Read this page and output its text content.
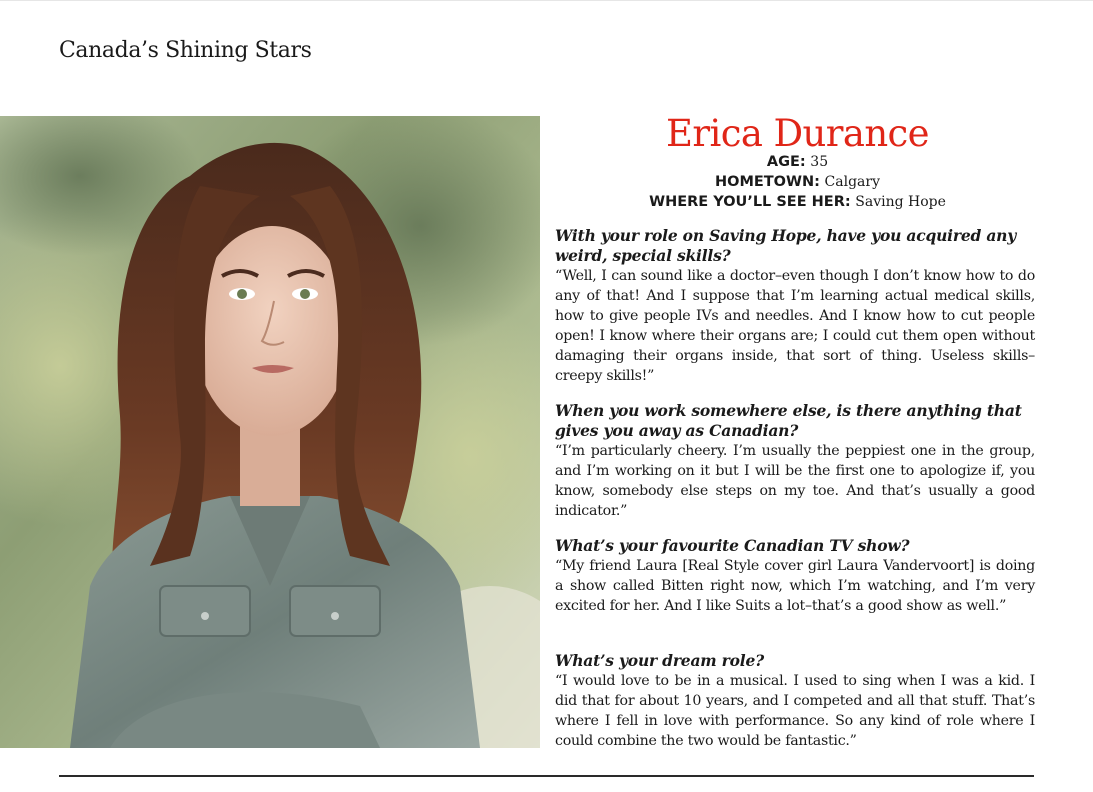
Canada’s Shining Stars
Erica Durance
AGE: 35
HOMETOWN: Calgary
WHERE YOU’LL SEE HER: Saving Hope
With your role on Saving Hope, have you acquired any weird, special skills?
“Well, I can sound like a doctor–even though I don’t know how to do any of that! And I suppose that I’m learning actual medical skills, how to give people IVs and needles. And I know how to cut people open! I know where their organs are; I could cut them open without damaging their organs inside, that sort of thing. Useless skills–creepy skills!”
When you work somewhere else, is there anything that gives you away as Canadian?
“I’m particularly cheery. I’m usually the peppiest one in the group, and I’m working on it but I will be the first one to apologize if, you know, somebody else steps on my toe. And that’s usually a good indicator.”
What’s your favourite Canadian TV show?
“My friend Laura [Real Style cover girl Laura Vandervoort] is doing a show called Bitten right now, which I’m watching, and I’m very excited for her. And I like Suits a lot–that’s a good show as well.”
What’s your dream role?
“I would love to be in a musical. I used to sing when I was a kid. I did that for about 10 years, and I competed and all that stuff. That’s where I fell in love with performance. So any kind of role where I could combine the two would be fantastic.”
